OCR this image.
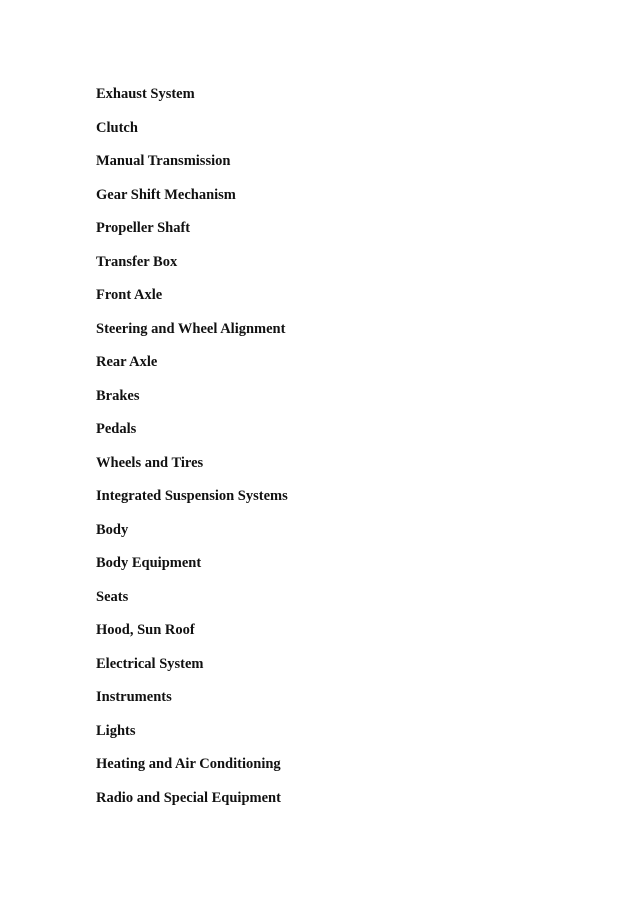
Exhaust System
Clutch
Manual Transmission
Gear Shift Mechanism
Propeller Shaft
Transfer Box
Front Axle
Steering and Wheel Alignment
Rear Axle
Brakes
Pedals
Wheels and Tires
Integrated Suspension Systems
Body
Body Equipment
Seats
Hood, Sun Roof
Electrical System
Instruments
Lights
Heating and Air Conditioning
Radio and Special Equipment
